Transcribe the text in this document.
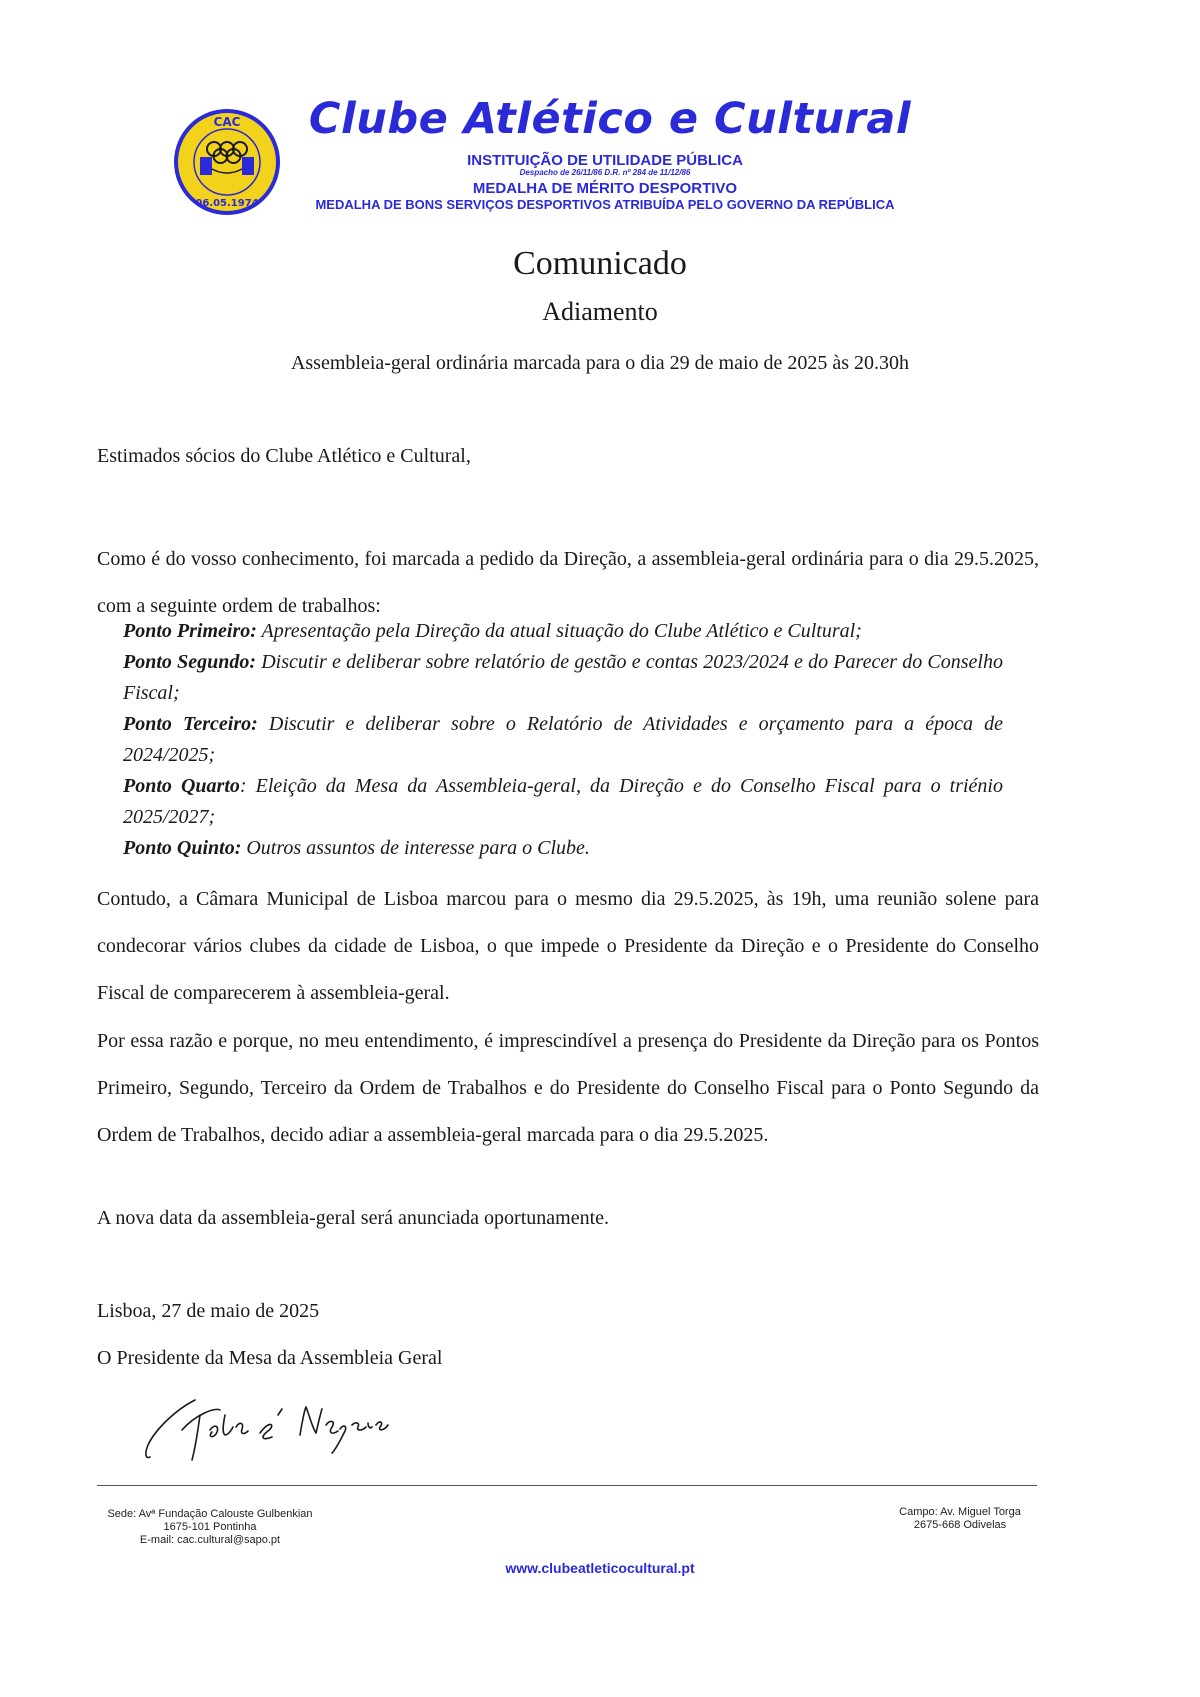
CAC
06.05.1974
Clube Atlético e Cultural
INSTITUIÇÃO DE UTILIDADE PÚBLICA
Despacho de 26/11/86 D.R. nº 284 de 11/12/86
MEDALHA DE MÉRITO DESPORTIVO
MEDALHA DE BONS SERVIÇOS DESPORTIVOS ATRIBUÍDA PELO GOVERNO DA REPÚBLICA
Comunicado
Adiamento
Assembleia-geral ordinária marcada para o dia 29 de maio de 2025 às 20.30h
Estimados sócios do Clube Atlético e Cultural,
Como é do vosso conhecimento, foi marcada a pedido da Direção, a assembleia-geral ordinária para o dia 29.5.2025, com a seguinte ordem de trabalhos:

Ponto Primeiro: Apresentação pela Direção da atual situação do Clube Atlético e Cultural;

Ponto Segundo: Discutir e deliberar sobre relatório de gestão e contas 2023/2024 e do Parecer do Conselho Fiscal;

Ponto Terceiro: Discutir e deliberar sobre o Relatório de Atividades e orçamento para a época de 2024/2025;

Ponto Quarto: Eleição da Mesa da Assembleia-geral, da Direção e do Conselho Fiscal para o triénio 2025/2027;

Ponto Quinto: Outros assuntos de interesse para o Clube.

Contudo, a Câmara Municipal de Lisboa marcou para o mesmo dia 29.5.2025, às 19h, uma reunião solene para condecorar vários clubes da cidade de Lisboa, o que impede o Presidente da Direção e o Presidente do Conselho Fiscal de comparecerem à assembleia-geral.
Por essa razão e porque, no meu entendimento, é imprescindível a presença do Presidente da Direção para os Pontos Primeiro, Segundo, Terceiro da Ordem de Trabalhos e do Presidente do Conselho Fiscal para o Ponto Segundo da Ordem de Trabalhos, decido adiar a assembleia-geral marcada para o dia 29.5.2025.
A nova data da assembleia-geral será anunciada oportunamente.
Lisboa, 27 de maio de 2025
O Presidente da Mesa da Assembleia Geral
Sede: Avª Fundação Calouste Gulbenkian
1675-101 Pontinha
E-mail: cac.cultural@sapo.pt
Campo: Av. Miguel Torga
2675-668 Odivelas
www.clubeatleticocultural.pt
